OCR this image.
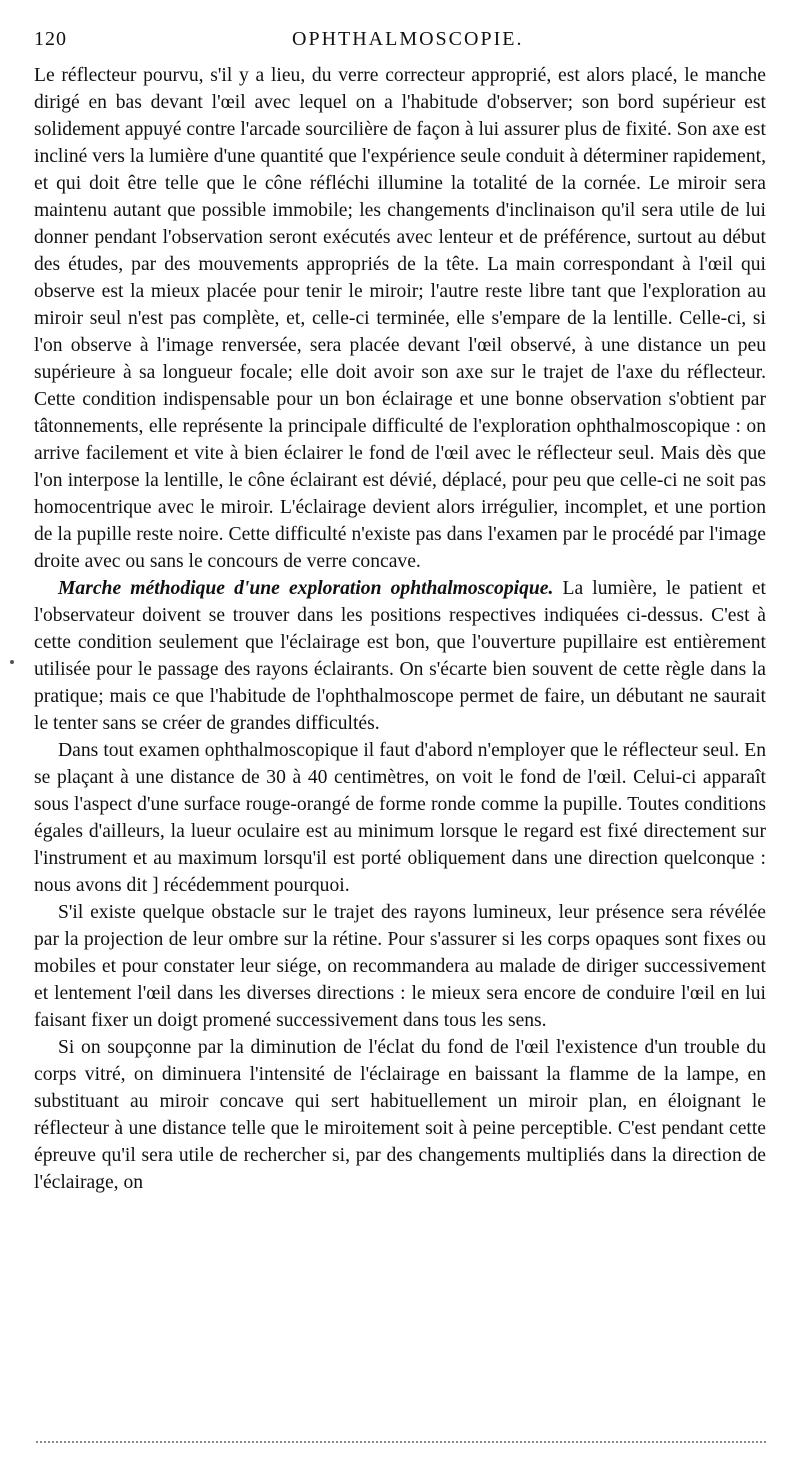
120	OPHTHALMOSCOPIE.

Le réflecteur pourvu, s'il y a lieu, du verre correcteur approprié, est alors placé, le manche dirigé en bas devant l'œil avec lequel on a l'habitude d'observer; son bord supérieur est solidement appuyé contre l'arcade sourcilière de façon à lui assurer plus de fixité. Son axe est incliné vers la lumière d'une quantité que l'expérience seule conduit à déterminer rapidement, et qui doit être telle que le cône réfléchi illumine la totalité de la cornée. Le miroir sera maintenu autant que possible immobile; les changements d'inclinaison qu'il sera utile de lui donner pendant l'observation seront exécutés avec lenteur et de préférence, surtout au début des études, par des mouvements appropriés de la tête. La main correspondant à l'œil qui observe est la mieux placée pour tenir le miroir; l'autre reste libre tant que l'exploration au miroir seul n'est pas complète, et, celle-ci terminée, elle s'empare de la lentille. Celle-ci, si l'on observe à l'image renversée, sera placée devant l'œil observé, à une distance un peu supérieure à sa longueur focale; elle doit avoir son axe sur le trajet de l'axe du réflecteur. Cette condition indispensable pour un bon éclairage et une bonne observation s'obtient par tâtonnements, elle représente la principale difficulté de l'exploration ophthalmoscopique : on arrive facilement et vite à bien éclairer le fond de l'œil avec le réflecteur seul. Mais dès que l'on interpose la lentille, le cône éclairant est dévié, déplacé, pour peu que celle-ci ne soit pas homocentrique avec le miroir. L'éclairage devient alors irrégulier, incomplet, et une portion de la pupille reste noire. Cette difficulté n'existe pas dans l'examen par le procédé par l'image droite avec ou sans le concours de verre concave.

Marche méthodique d'une exploration ophthalmoscopique. La lumière, le patient et l'observateur doivent se trouver dans les positions respectives indiquées ci-dessus. C'est à cette condition seulement que l'éclairage est bon, que l'ouverture pupillaire est entièrement utilisée pour le passage des rayons éclairants. On s'écarte bien souvent de cette règle dans la pratique; mais ce que l'habitude de l'ophthalmoscope permet de faire, un débutant ne saurait le tenter sans se créer de grandes difficultés.

Dans tout examen ophthalmoscopique il faut d'abord n'employer que le réflecteur seul. En se plaçant à une distance de 30 à 40 centimètres, on voit le fond de l'œil. Celui-ci apparaît sous l'aspect d'une surface rouge-orangé de forme ronde comme la pupille. Toutes conditions égales d'ailleurs, la lueur oculaire est au minimum lorsque le regard est fixé directement sur l'instrument et au maximum lorsqu'il est porté obliquement dans une direction quelconque : nous avons dit ] récédemment pourquoi.

S'il existe quelque obstacle sur le trajet des rayons lumineux, leur présence sera révélée par la projection de leur ombre sur la rétine. Pour s'assurer si les corps opaques sont fixes ou mobiles et pour constater leur siége, on recommandera au malade de diriger successivement et lentement l'œil dans les diverses directions : le mieux sera encore de conduire l'œil en lui faisant fixer un doigt promené successivement dans tous les sens.

Si on soupçonne par la diminution de l'éclat du fond de l'œil l'existence d'un trouble du corps vitré, on diminuera l'intensité de l'éclairage en baissant la flamme de la lampe, en substituant au miroir concave qui sert habituellement un miroir plan, en éloignant le réflecteur à une distance telle que le miroitement soit à peine perceptible. C'est pendant cette épreuve qu'il sera utile de rechercher si, par des changements multipliés dans la direction de l'éclairage, on
